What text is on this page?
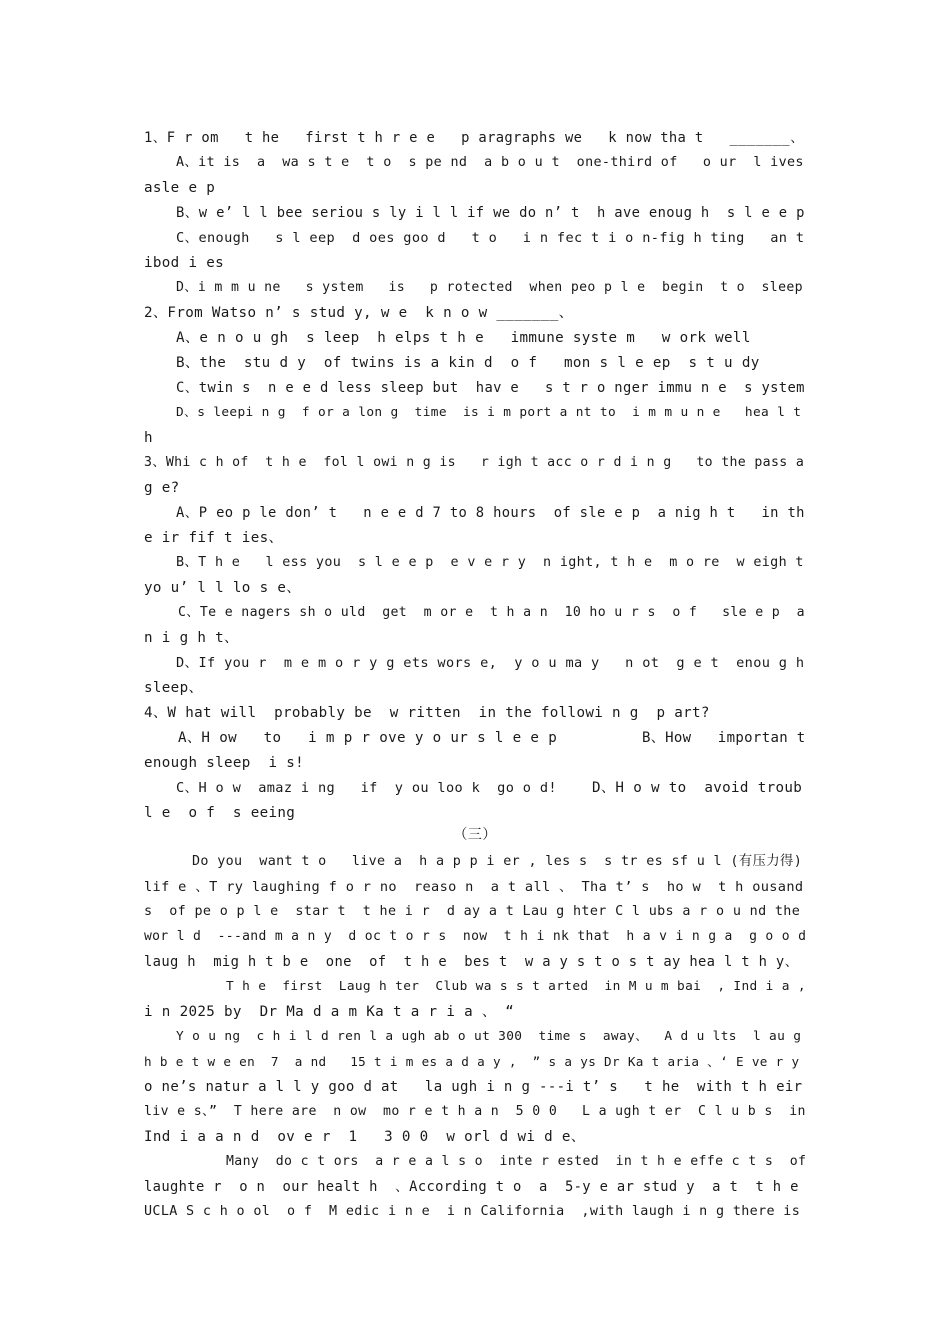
1、F r om   t he   first t h r e e   p aragraphs we   k now tha t   _______、
A、it is  a  wa s t e  t o  s pe nd  a b o u t  one-third of   o ur  l ives
asle e p
B、w e’ l l bee seriou s ly i l l if we do n’ t  h ave enoug h  s l e e p
C、enough   s l eep  d oes goo d   t o   i n fec t i o n-fig h ting   an t
ibod i es
D、i m m u ne   s ystem   is   p rotected  when peo p l e  begin  t o  sleep
2、From Watso n’ s stud y, w e  k n o w _______、
A、e n o u gh  s leep  h elps t h e   immune syste m   w ork well
B、the  stu d y  of twins is a kin d  o f   mon s l e ep  s t u dy
C、twin s  n e e d less sleep but  hav e   s t r o nger immu n e  s ystem
D、s leepi n g  f or a lon g  time  is i m port a nt to  i m m u n e   hea l t
h
3、Whi c h of  t h e  fol l owi n g is   r igh t acc o r d i n g   to the pass a
g e?
A、P eo p le don’ t   n e e d 7 to 8 hours  of sle e p  a nig h t   in th
e ir fif t ies、
B、T h e   l ess you  s l e e p  e v e r y  n ight, t h e  m o re  w eigh t
yo u’ l l lo s e、
C、Te e nagers sh o uld  get  m or e  t h a n  10 ho u r s  o f   sle e p  a
n i g h t、
D、If you r  m e m o r y g ets wors e,  y o u ma y   n ot  g e t  enou g h
sleep、
4、W hat will  probably be  w ritten  in the followi n g  p art?
A、H ow   to   i m p r ove y o ur s l e e p	B、How   importan t
enough sleep  i s!
C、H o w  amaz i ng   if  y ou loo k  go o d! D、H o w to  avoid troub
l e  o f  s eeing
（三）
Do you  want t o   live a  h a p p i er , les s  s tr es sf u l (有压力得)
lif e 、T ry laughing f o r no  reaso n  a t all 、 Tha t’ s  ho w  t h ousand
s  of pe o p l e  star t  t he i r  d ay a t Lau g hter C l ubs a r o u nd the
wor l d  ---and m a n y  d oc t o r s  now  t h i nk that  h a v i n g a  g o o d
laug h  mig h t b e  one  of  t h e  bes t  w a y s t o s t ay hea l t h y、
T h e  first  Laug h ter  Club wa s s t arted  in M u m bai  , Ind i a ,
i n 2025 by  Dr Ma d a m Ka t a r i a 、 “
Y o u ng  c h i l d ren l a ugh ab o ut 300  time s  away、  A d u lts  l au g
h b e t w e en  7  a nd   15 t i m es a d a y ,  ” s a ys Dr Ka t aria 、‘ E ve r y
o ne’s natur a l l y goo d at   la ugh i n g ---i t’ s   t he  with t h eir
liv e s、”  T here are  n ow  mo r e t h a n  5 0 0   L a ugh t er  C l u b s  in
Ind i a a n d  ov e r  1   3 0 0  w orl d wi d e、
Many  do c t ors  a r e a l s o  inte r ested  in t h e effe c t s  of
laughte r  o n  our healt h  、According t o  a  5-y e ar stud y  a t  t h e
UCLA S c h o ol  o f  M edic i n e  i n California  ,with laugh i n g there is
